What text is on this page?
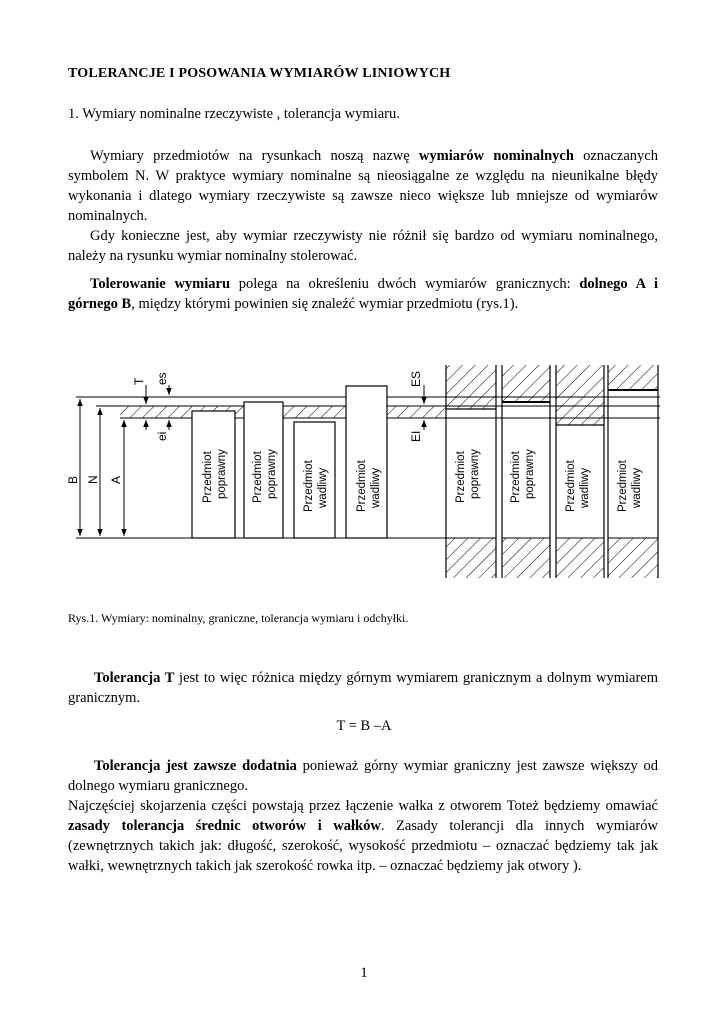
TOLERANCJE I POSOWANIA WYMIARÓW LINIOWYCH
1. Wymiary nominalne rzeczywiste , tolerancja wymiaru.

Wymiary przedmiotów na rysunkach noszą nazwę wymiarów nominalnych oznaczanych symbolem N. W praktyce wymiary nominalne są nieosiągalne ze względu na nieunikalne błędy wykonania i dlatego wymiary rzeczywiste są zawsze nieco większe lub mniejsze od wymiarów nominalnych.

Gdy konieczne jest, aby wymiar rzeczywisty nie różnił się bardzo od wymiaru nominalnego, należy na rysunku wymiar nominalny stolerować.

Tolerowanie wymiaru polega na określeniu dwóch wymiarów granicznych: dolnego A i górnego B, między którymi powinien się znaleźć wymiar przedmiotu (rys.1).

B N A
T es
ei
ES
EI
Przedmiot poprawny Przedmiot poprawny Przedmiot wadliwy Przedmiot wadliwy	Przedmiot poprawny	Przedmiot poprawny	Przedmiot wadliwy Przedmiot wadliwy
Rys.1. Wymiary: nominalny, graniczne, tolerancja wymiaru i odchyłki.

Tolerancja T jest to więc różnica między górnym wymiarem granicznym a dolnym wymiarem granicznym.

T = B –A

Tolerancja jest zawsze dodatnia ponieważ górny wymiar graniczny jest zawsze większy od dolnego wymiaru granicznego.

Najczęściej skojarzenia części powstają przez łączenie wałka z otworem Toteż będziemy omawiać zasady tolerancja średnic otworów i wałków. Zasady tolerancji dla innych wymiarów (zewnętrznych takich jak: długość, szerokość, wysokość przedmiotu – oznaczać będziemy tak jak wałki, wewnętrznych takich jak szerokość rowka itp. – oznaczać będziemy jak otwory ).

1
